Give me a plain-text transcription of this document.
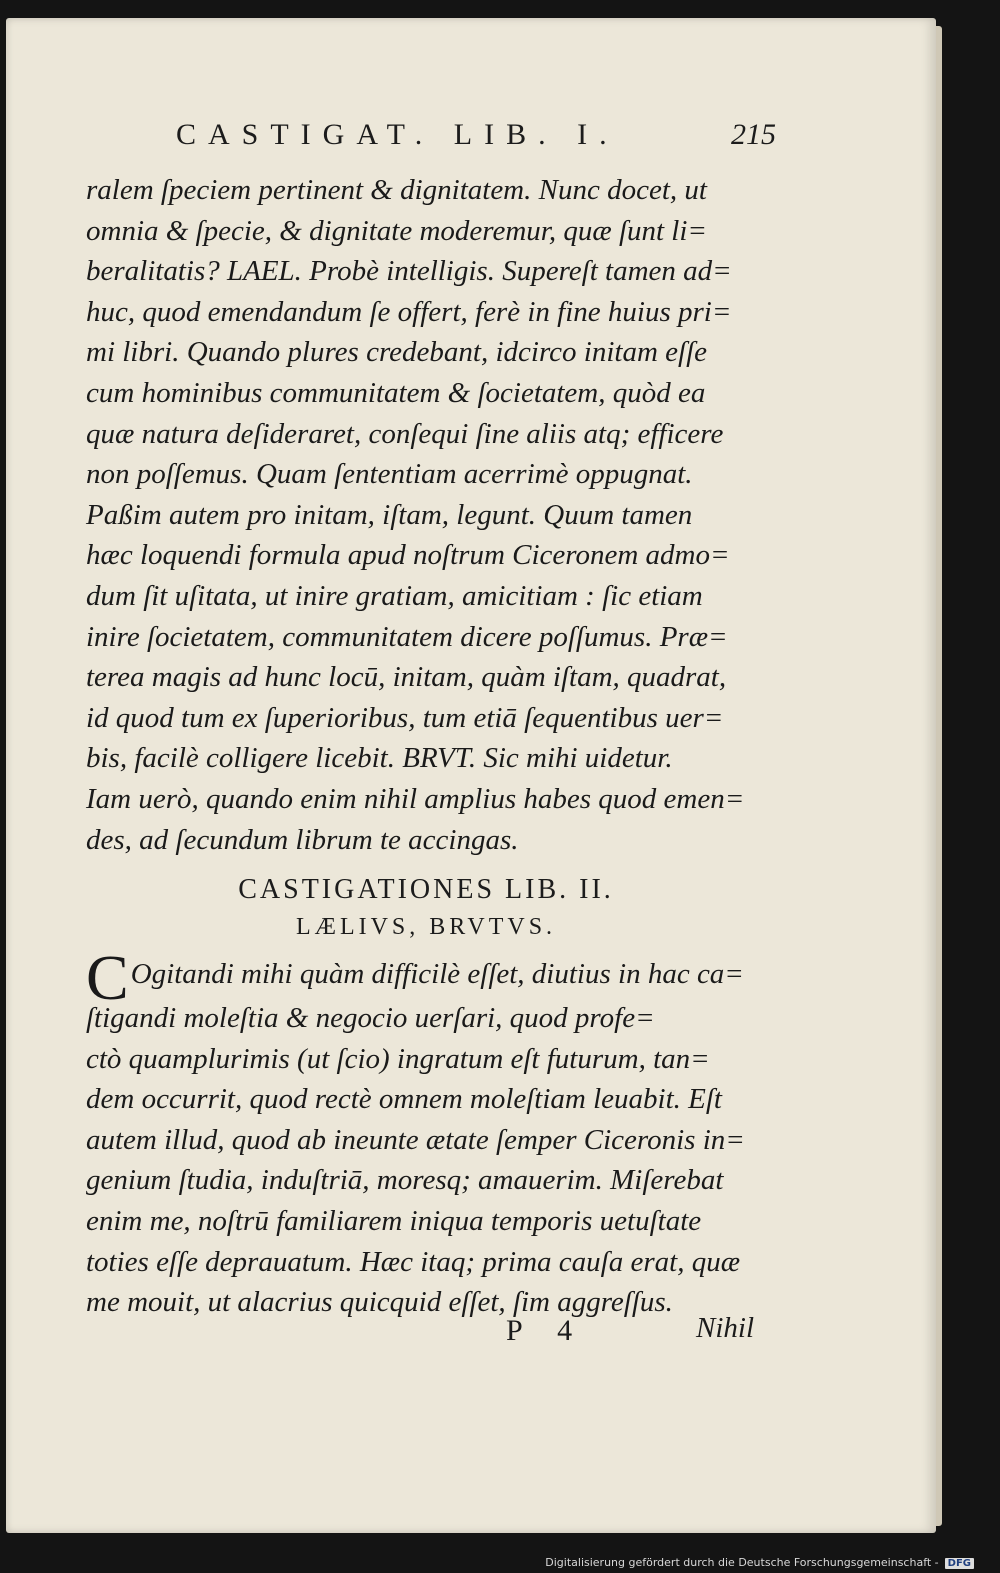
CASTIGAT. LIB. I.	215
ralem ſpeciem pertinent & dignitatem. Nunc docet, ut
omnia & ſpecie, & dignitate moderemur, quæ ſunt li=
beralitatis? LAEL. Probè intelligis. Supereſt tamen ad=
huc, quod emendandum ſe offert, ferè in fine huius pri=
mi libri. Quando plures credebant, idcirco initam eſſe
cum hominibus communitatem & ſocietatem, quòd ea
quæ natura deſideraret, conſequi ſine aliis atq; efficere
non poſſemus. Quam ſententiam acerrimè oppugnat.
Paßim autem pro initam, iſtam, legunt. Quum tamen
hæc loquendi formula apud noſtrum Ciceronem admo=
dum ſit uſitata, ut inire gratiam, amicitiam : ſic etiam
inire ſocietatem, communitatem dicere poſſumus. Præ=
terea magis ad hunc locū, initam, quàm iſtam, quadrat,
id quod tum ex ſuperioribus, tum etiā ſequentibus uer=
bis, facilè colligere licebit. BRVT. Sic mihi uidetur.
Iam uerò, quando enim nihil amplius habes quod emen=
des, ad ſecundum librum te accingas.
CASTIGATIONES LIB. II.
LÆLIVS, BRVTVS.
COgitandi mihi quàm difficilè eſſet, diutius in hac ca=
ſtigandi moleſtia & negocio uerſari, quod profe=
ctò quamplurimis (ut ſcio) ingratum eſt futurum, tan=
dem occurrit, quod rectè omnem moleſtiam leuabit. Eſt
autem illud, quod ab ineunte ætate ſemper Ciceronis in=
genium ſtudia, induſtriā, moresq; amauerim. Miſerebat
enim me, noſtrū familiarem iniqua temporis uetuſtate
toties eſſe deprauatum. Hæc itaq; prima cauſa erat, quæ
me mouit, ut alacrius quicquid eſſet, ſim aggreſſus.
P 4	Nihil
Digitalisierung gefördert durch die Deutsche Forschungsgemeinschaft - DFG
